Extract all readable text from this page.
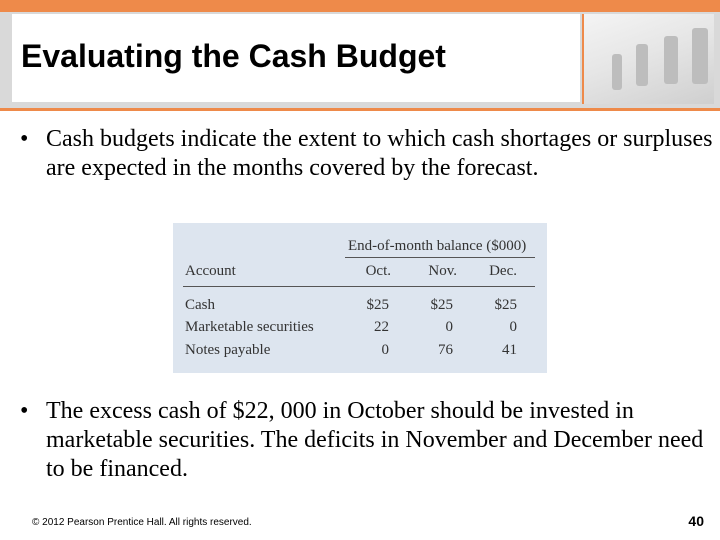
Evaluating the Cash Budget
• Cash budgets indicate the extent to which cash shortages or surpluses are expected in the months covered by the forecast.
End-of-month balance ($000)
Account	Oct.	Nov.	Dec.
Cash	$25	$25	$25
Marketable securities	22	0	0
Notes payable	0	76	41
• The excess cash of $22, 000 in October should be invested in marketable securities. The deficits in November and December need to be financed.
© 2012 Pearson Prentice Hall. All rights reserved.	40
